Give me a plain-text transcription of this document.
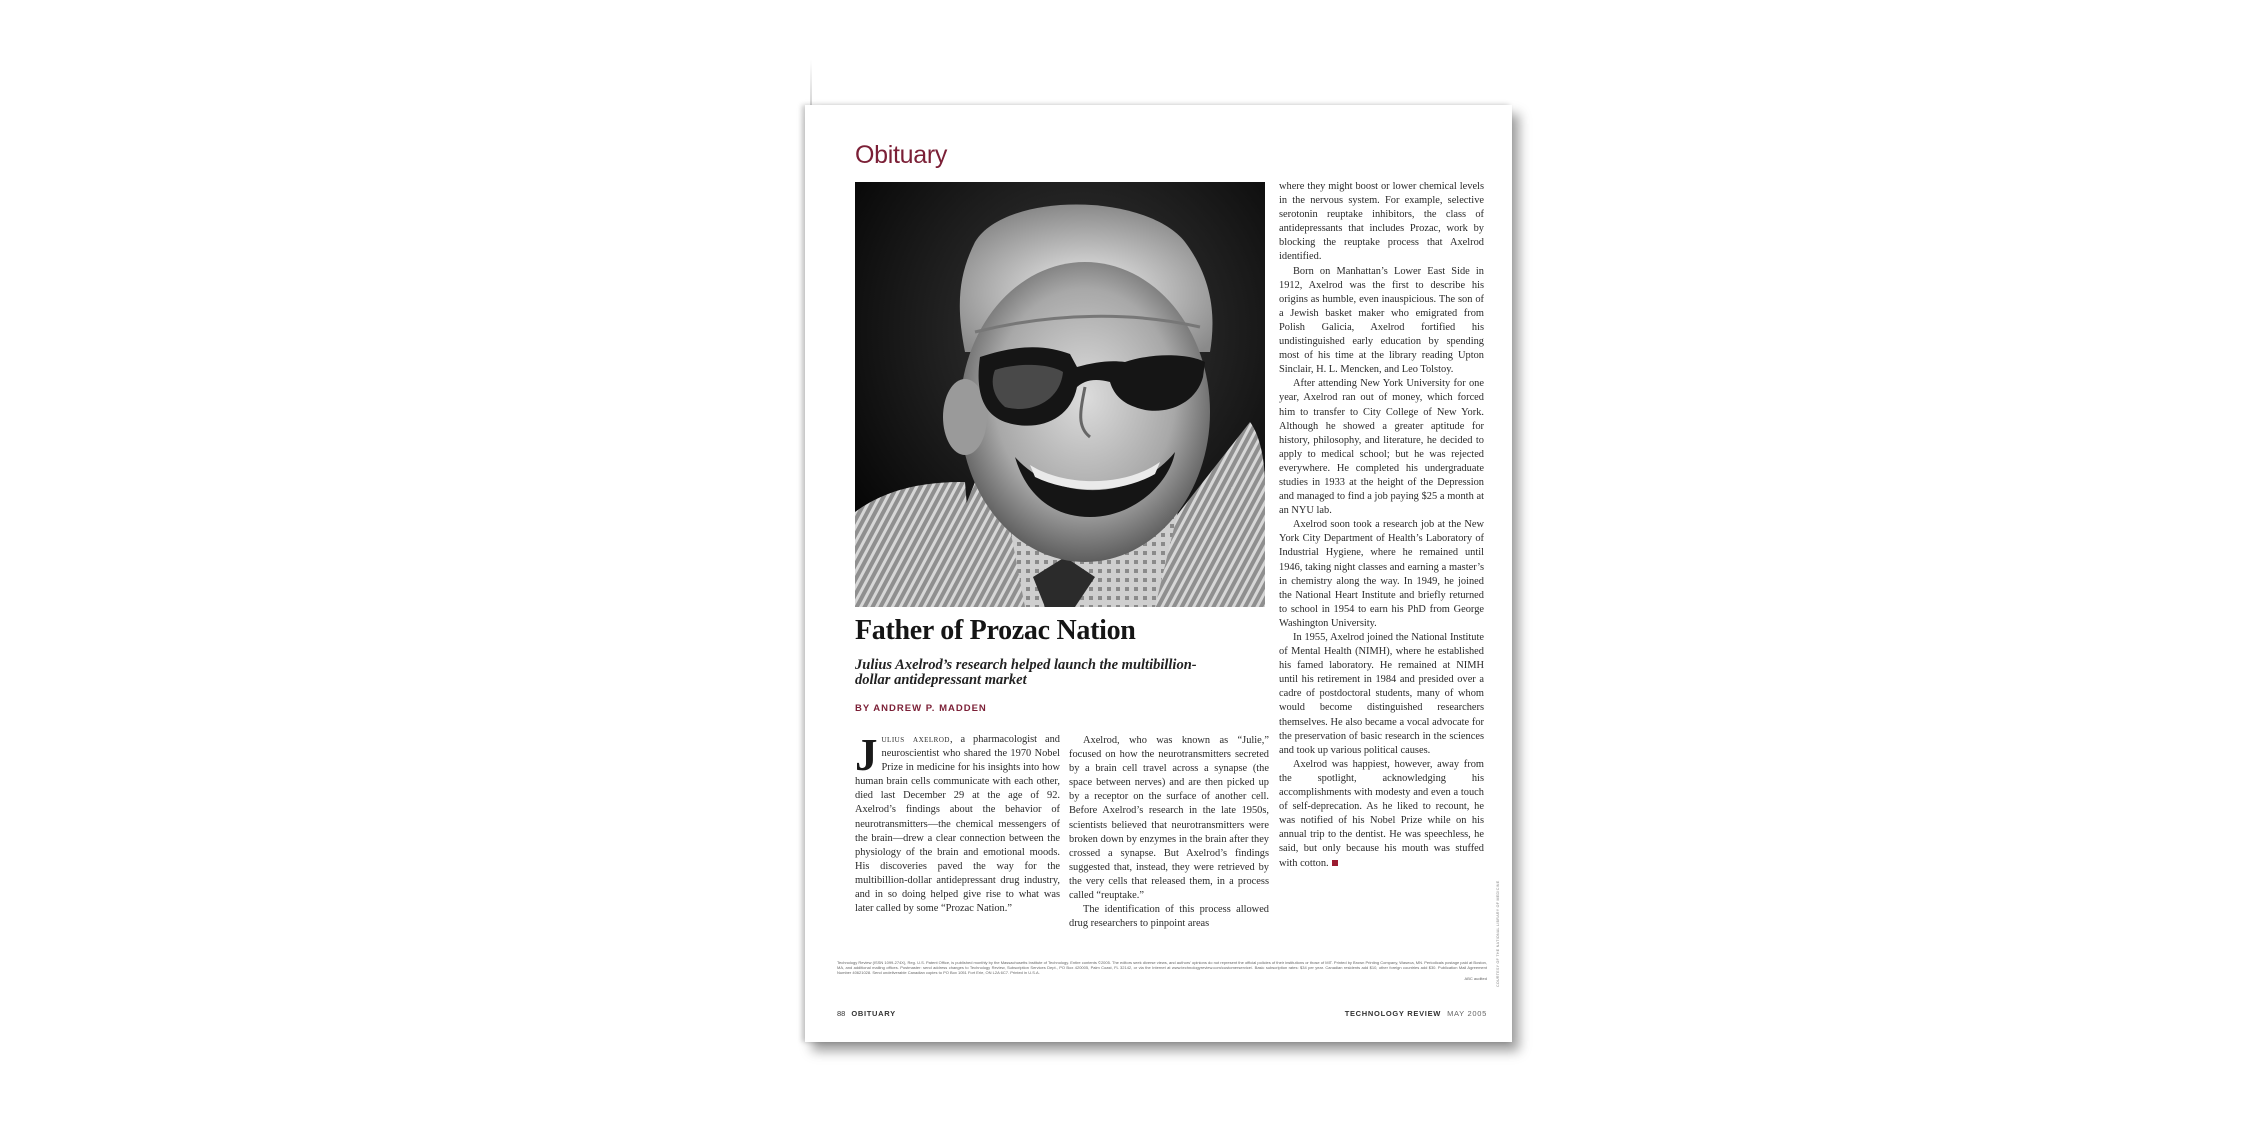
Obituary
Father of Prozac Nation
Julius Axelrod’s research helped launch the multibillion-dollar antidepressant market
BY ANDREW P. MADDEN

Julius axelrod, a pharmacologist and neuroscientist who shared the 1970 Nobel Prize in medicine for his insights into how human brain cells communicate with each other, died last December 29 at the age of 92. Axelrod’s findings about the behavior of neurotransmitters—the chemical messengers of the brain—drew a clear connection between the physiology of the brain and emotional moods. His discoveries paved the way for the multibillion-dollar antidepressant drug industry, and in so doing helped give rise to what was later called by some “Prozac Nation.”

Axelrod, who was known as “Julie,” focused on how the neurotransmitters secreted by a brain cell travel across a synapse (the space between nerves) and are then picked up by a receptor on the surface of another cell. Before Axelrod’s research in the late 1950s, scientists believed that neurotransmitters were broken down by enzymes in the brain after they crossed a synapse. But Axelrod’s findings suggested that, instead, they were retrieved by the very cells that released them, in a process called “reuptake.”

The identification of this process allowed drug researchers to pinpoint areas

where they might boost or lower chemical levels in the nervous system. For example, selective serotonin reuptake inhibitors, the class of antidepressants that includes Prozac, work by blocking the reuptake process that Axelrod identified.

Born on Manhattan’s Lower East Side in 1912, Axelrod was the first to describe his origins as humble, even inauspicious. The son of a Jewish basket maker who emigrated from Polish Galicia, Axelrod fortified his undistinguished early education by spending most of his time at the library reading Upton Sinclair, H. L. Mencken, and Leo Tolstoy.

After attending New York University for one year, Axelrod ran out of money, which forced him to transfer to City College of New York. Although he showed a greater aptitude for history, philosophy, and literature, he decided to apply to medical school; but he was rejected everywhere. He completed his undergraduate studies in 1933 at the height of the Depression and managed to find a job paying $25 a month at an NYU lab.

Axelrod soon took a research job at the New York City Department of Health’s Laboratory of Industrial Hygiene, where he remained until 1946, taking night classes and earning a master’s in chemistry along the way. In 1949, he joined the National Heart Institute and briefly returned to school in 1954 to earn his PhD from George Washington University.

In 1955, Axelrod joined the National Institute of Mental Health (NIMH), where he established his famed laboratory. He remained at NIMH until his retirement in 1984 and presided over a cadre of postdoctoral students, many of whom would become distinguished researchers themselves. He also became a vocal advocate for the preservation of basic research in the sciences and took up various political causes.

Axelrod was happiest, however, away from the spotlight, acknowledging his accomplishments with modesty and even a touch of self-deprecation. As he liked to recount, he was notified of his Nobel Prize while on his annual trip to the dentist. He was speechless, he said, but only because his mouth was stuffed with cotton.

COURTESY OF THE NATIONAL LIBRARY OF MEDICINE
Technology Review (ISSN 1099-274X), Reg. U.S. Patent Office, is published monthly by the Massachusetts Institute of Technology. Entire contents ©2005. The editors seek diverse views, and authors’ opinions do not represent the official policies of their institutions or those of MIT. Printed by Brown Printing Company, Waseca, MN. Periodicals postage paid at Boston, MA, and additional mailing offices. Postmaster: send address changes to Technology Review, Subscription Services Dept., PO Box 420005, Palm Coast, FL 32142, or via the Internet at www.technologyreview.com/customerservice/. Basic subscription rates: $34 per year. Canadian residents add $10, other foreign countries add $30. Publication Mail Agreement Number 40621028. Send undeliverable Canadian copies to PO Box 1051 Fort Erie, ON L2A 6C7. Printed in U.S.A.
ABC audited
88 OBITUARY	TECHNOLOGY REVIEW MAY 2005
